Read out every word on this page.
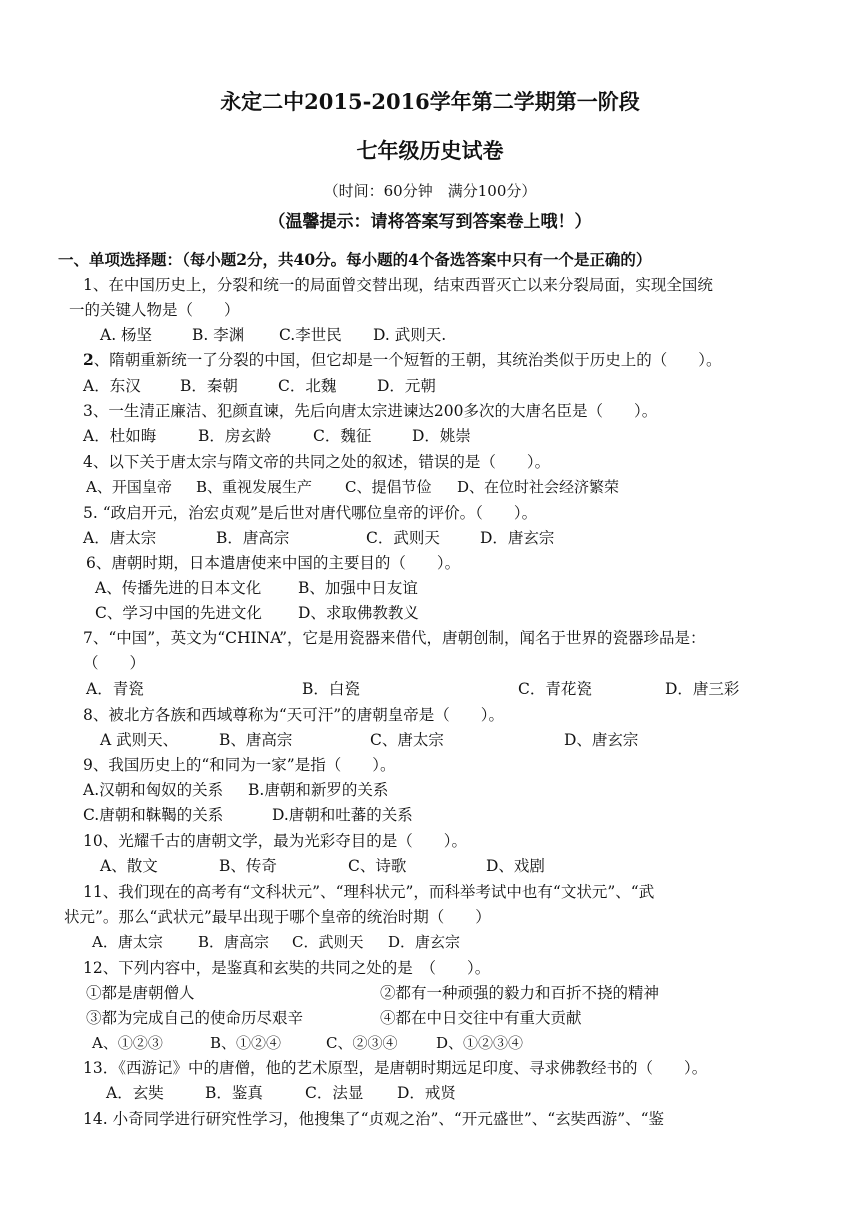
永定二中2015-2016学年第二学期第一阶段
七年级历史试卷
（时间：60分钟　满分100分）
（温馨提示：请将答案写到答案卷上哦！）
一、单项选择题：（每小题2分，共40分。每小题的4个备选答案中只有一个是正确的）
1、在中国历史上，分裂和统一的局面曾交替出现，结束西晋灭亡以来分裂局面，实现全国统
一的关键人物是（　　）
A. 杨坚	B. 李渊 C.李世民 D. 武则天.
2、隋朝重新统一了分裂的中国，但它却是一个短暂的王朝，其统治类似于历史上的（　　）。
A．东汉	B．秦朝	C．北魏	D．元朝
3、一生清正廉洁、犯颜直谏，先后向唐太宗进谏达200多次的大唐名臣是（　　）。
A．杜如晦	B．房玄龄	C．魏征	D．姚崇
4、以下关于唐太宗与隋文帝的共同之处的叙述，错误的是（　　）。
A、开国皇帝 B、重视发展生产 C、提倡节俭 D、在位时社会经济繁荣
5. “政启开元，治宏贞观”是后世对唐代哪位皇帝的评价。（　　）。
A．唐太宗	B．唐高宗	C．武则天	D．唐玄宗
6、唐朝时期，日本遣唐使来中国的主要目的（　　）。
A、传播先进的日本文化 B、加强中日友谊
C、学习中国的先进文化 D、求取佛教教义
7、“中国”，英文为“CHINA”，它是用瓷器来借代，唐朝创制，闻名于世界的瓷器珍品是：
（　　）
A．青瓷	B．白瓷	C．青花瓷	D．唐三彩
8、被北方各族和西域尊称为“天可汗”的唐朝皇帝是（　　）。
A 武则天、	B、唐高宗	C、唐太宗	D、唐玄宗
9、我国历史上的“和同为一家”是指（　　）。
A.汉朝和匈奴的关系 B.唐朝和新罗的关系
C.唐朝和靺鞨的关系	D.唐朝和吐蕃的关系
10、光耀千古的唐朝文学，最为光彩夺目的是（　　）。
A、散文	B、传奇	C、诗歌	D、戏剧
11、我们现在的高考有“文科状元”、“理科状元”，而科举考试中也有“文状元”、“武
状元”。那么“武状元”最早出现于哪个皇帝的统治时期（　　）
A．唐太宗 B．唐高宗 C．武则天 D．唐玄宗
12、下列内容中，是鉴真和玄奘的共同之处的是　（　　）。
①都是唐朝僧人	②都有一种顽强的毅力和百折不挠的精神
③都为完成自己的使命历尽艰辛	④都在中日交往中有重大贡献
A、①②③	B、①②④	C、②③④	D、①②③④
13．《西游记》中的唐僧，他的艺术原型，是唐朝时期远足印度、寻求佛教经书的（　　）。
A．玄奘	B．鉴真	C．法显 D．戒贤
14. 小奇同学进行研究性学习，他搜集了“贞观之治”、“开元盛世”、“玄奘西游”、“鉴
